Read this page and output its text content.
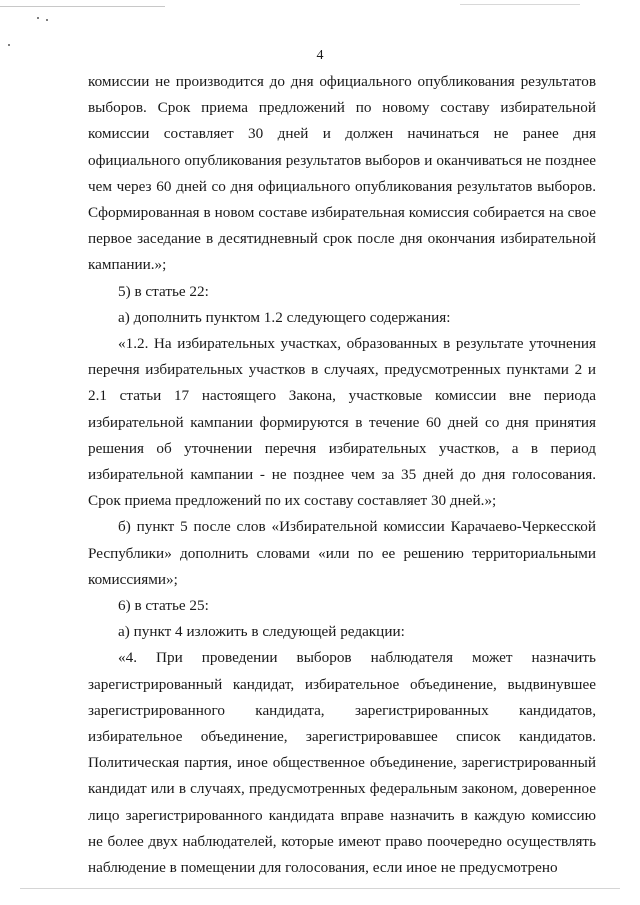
4

комиссии не производится до дня официального опубликования результатов выборов. Срок приема предложений по новому составу избирательной комиссии составляет 30 дней и должен начинаться не ранее дня официального опубликования результатов выборов и оканчиваться не позднее чем через 60 дней со дня официального опубликования результатов выборов. Сформированная в новом составе избирательная комиссия собирается на свое первое заседание в десятидневный срок после дня окончания избирательной кампании.»;

5) в статье 22:

а) дополнить пунктом 1.2 следующего содержания:

«1.2. На избирательных участках, образованных в результате уточнения перечня избирательных участков в случаях, предусмотренных пунктами 2 и 2.1 статьи 17 настоящего Закона, участковые комиссии вне периода избирательной кампании формируются в течение 60 дней со дня принятия решения об уточнении перечня избирательных участков, а в период избирательной кампании - не позднее чем за 35 дней до дня голосования. Срок приема предложений по их составу составляет 30 дней.»;

б) пункт 5 после слов «Избирательной комиссии Карачаево-Черкесской Республики» дополнить словами «или по ее решению территориальными комиссиями»;

6) в статье 25:

а) пункт 4 изложить в следующей редакции:

«4. При проведении выборов наблюдателя может назначить зарегистрированный кандидат, избирательное объединение, выдвинувшее зарегистрированного кандидата, зарегистрированных кандидатов, избирательное объединение, зарегистрировавшее список кандидатов. Политическая партия, иное общественное объединение, зарегистрированный кандидат или в случаях, предусмотренных федеральным законом, доверенное лицо зарегистрированного кандидата вправе назначить в каждую комиссию не более двух наблюдателей, которые имеют право поочередно осуществлять наблюдение в помещении для голосования, если иное не предусмотрено
